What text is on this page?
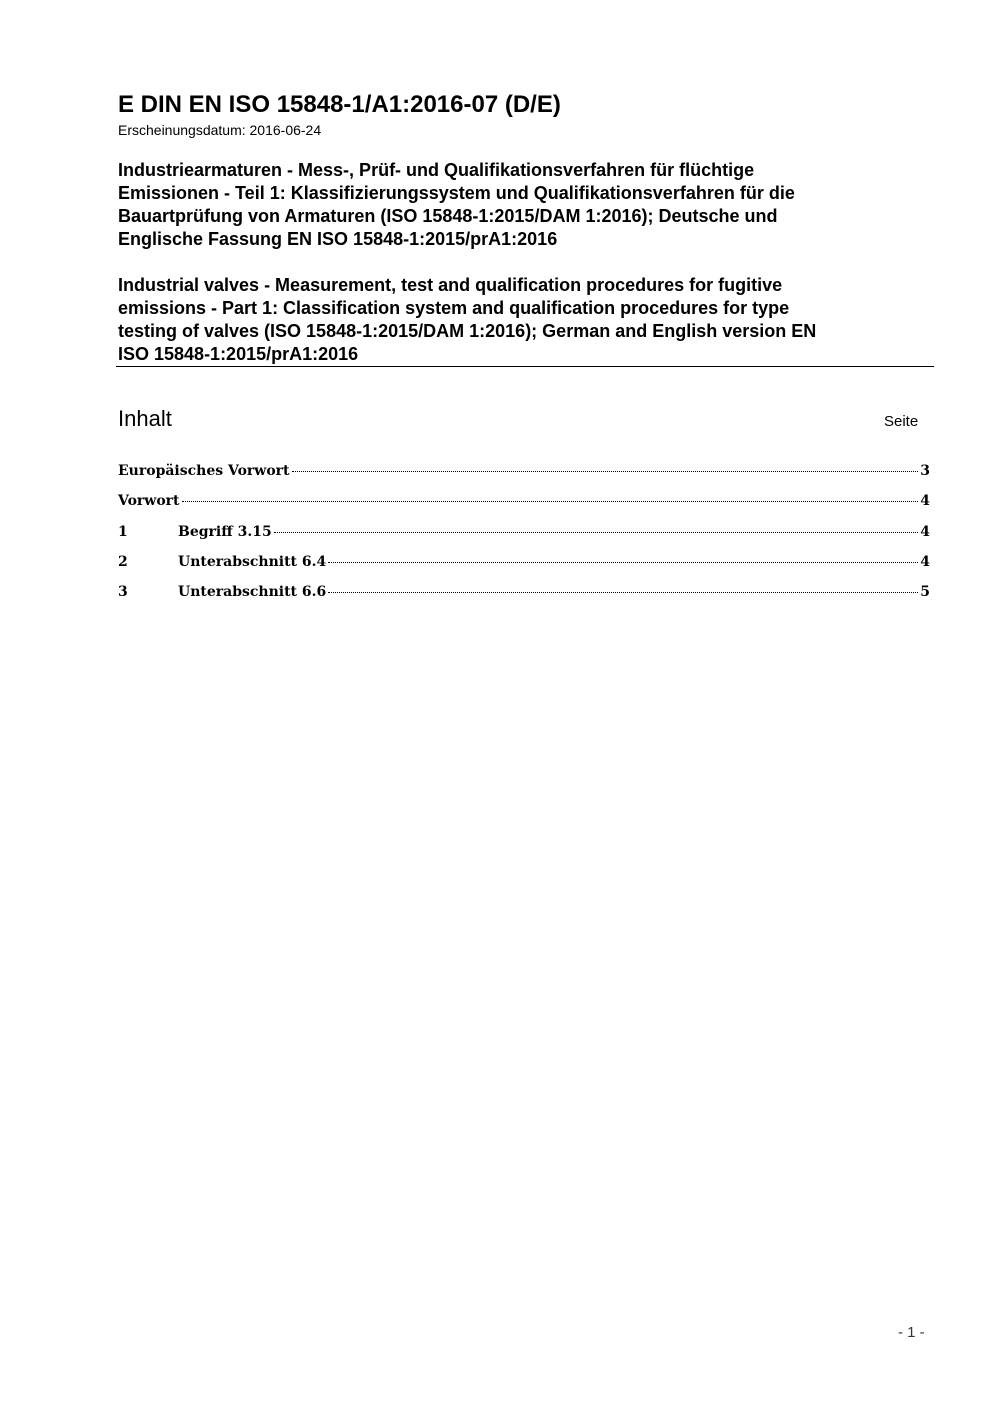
E DIN EN ISO 15848-1/A1:2016-07 (D/E)
Erscheinungsdatum: 2016-06-24
Industriearmaturen - Mess-, Prüf- und Qualifikationsverfahren für flüchtige
Emissionen - Teil 1: Klassifizierungssystem und Qualifikationsverfahren für die
Bauartprüfung von Armaturen (ISO 15848-1:2015/DAM 1:2016); Deutsche und
Englische Fassung EN ISO 15848-1:2015/prA1:2016
Industrial valves - Measurement, test and qualification procedures for fugitive
emissions - Part 1: Classification system and qualification procedures for type
testing of valves (ISO 15848-1:2015/DAM 1:2016); German and English version EN
ISO 15848-1:2015/prA1:2016
Inhalt	Seite
Europäisches Vorwort	3
Vorwort	4
1	Begriff 3.15	4
2	Unterabschnitt 6.4	4
3	Unterabschnitt 6.6	5
- 1 -
